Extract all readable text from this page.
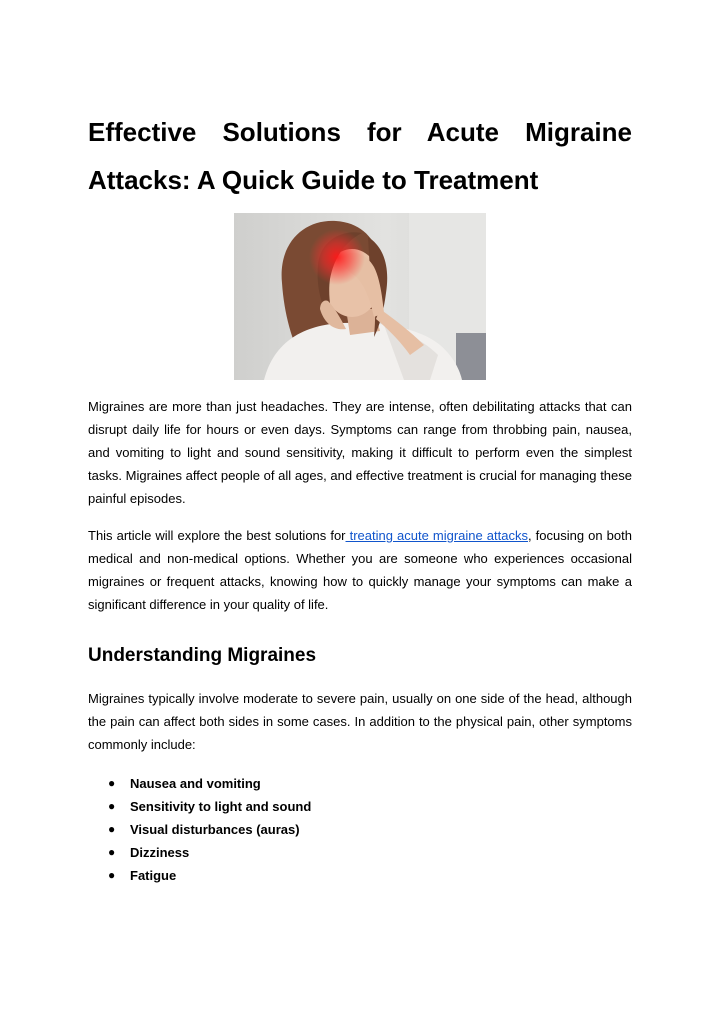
Effective Solutions for Acute Migraine Attacks: A Quick Guide to Treatment

Migraines are more than just headaches. They are intense, often debilitating attacks that can disrupt daily life for hours or even days. Symptoms can range from throbbing pain, nausea, and vomiting to light and sound sensitivity, making it difficult to perform even the simplest tasks. Migraines affect people of all ages, and effective treatment is crucial for managing these painful episodes.

This article will explore the best solutions for treating acute migraine attacks, focusing on both medical and non-medical options. Whether you are someone who experiences occasional migraines or frequent attacks, knowing how to quickly manage your symptoms can make a significant difference in your quality of life.

Understanding Migraines

Migraines typically involve moderate to severe pain, usually on one side of the head, although the pain can affect both sides in some cases. In addition to the physical pain, other symptoms commonly include:

● Nausea and vomiting
● Sensitivity to light and sound
● Visual disturbances (auras)
● Dizziness
● Fatigue
